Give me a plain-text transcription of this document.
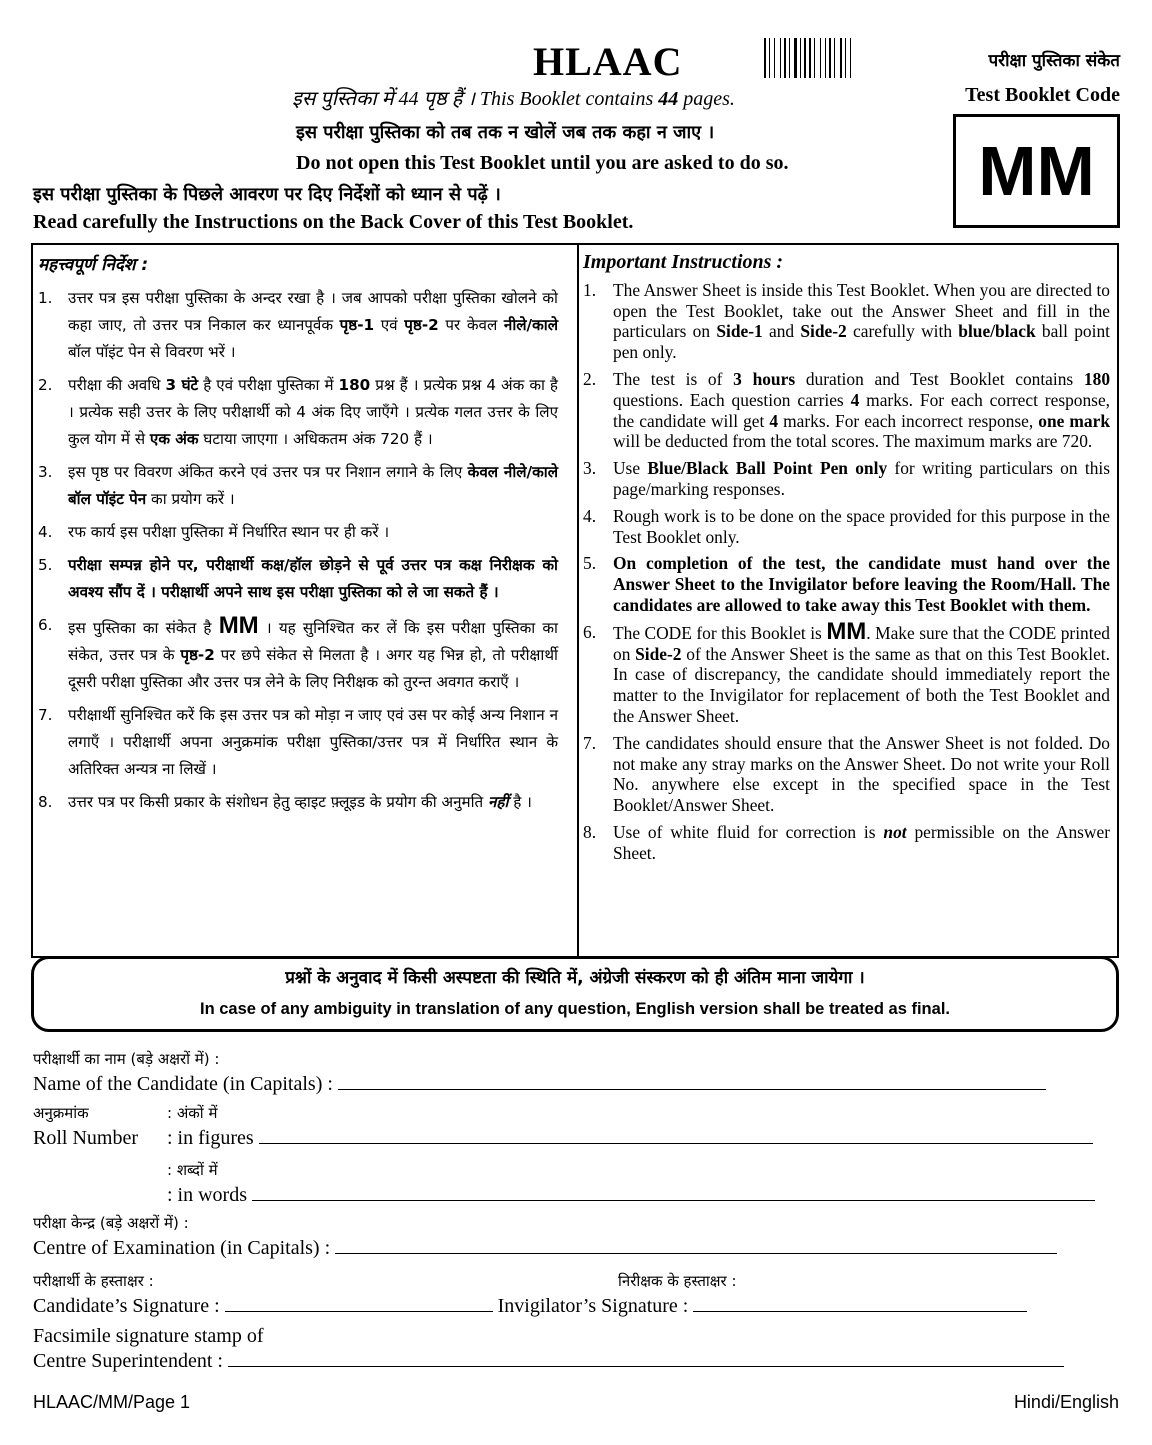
HLAAC
इस पुस्तिका में 44 पृष्ठ हैं । This Booklet contains 44 pages.
परीक्षा पुस्तिका संकेत
Test Booklet Code
MM
इस परीक्षा पुस्तिका को तब तक न खोलें जब तक कहा न जाए ।
Do not open this Test Booklet until you are asked to do so.
इस परीक्षा पुस्तिका के पिछले आवरण पर दिए निर्देशों को ध्यान से पढ़ें ।
Read carefully the Instructions on the Back Cover of this Test Booklet.
महत्त्वपूर्ण निर्देश :
1.	उत्तर पत्र इस परीक्षा पुस्तिका के अन्दर रखा है । जब आपको परीक्षा पुस्तिका खोलने को कहा जाए, तो उत्तर पत्र निकाल कर ध्यानपूर्वक पृष्ठ-1 एवं पृष्ठ-2 पर केवल नीले/काले बॉल पॉइंट पेन से विवरण भरें ।
2.	परीक्षा की अवधि 3 घंटे है एवं परीक्षा पुस्तिका में 180 प्रश्न हैं । प्रत्येक प्रश्न 4 अंक का है । प्रत्येक सही उत्तर के लिए परीक्षार्थी को 4 अंक दिए जाएँगे । प्रत्येक गलत उत्तर के लिए कुल योग में से एक अंक घटाया जाएगा । अधिकतम अंक 720 हैं ।
3.	इस पृष्ठ पर विवरण अंकित करने एवं उत्तर पत्र पर निशान लगाने के लिए केवल नीले/काले बॉल पॉइंट पेन का प्रयोग करें ।
4.	रफ कार्य इस परीक्षा पुस्तिका में निर्धारित स्थान पर ही करें ।
5.	परीक्षा सम्पन्न होने पर, परीक्षार्थी कक्ष/हॉल छोड़ने से पूर्व उत्तर पत्र कक्ष निरीक्षक को अवश्य सौंप दें । परीक्षार्थी अपने साथ इस परीक्षा पुस्तिका को ले जा सकते हैं ।
6.	इस पुस्तिका का संकेत है MM । यह सुनिश्चित कर लें कि इस परीक्षा पुस्तिका का संकेत, उत्तर पत्र के पृष्ठ-2 पर छपे संकेत से मिलता है । अगर यह भिन्न हो, तो परीक्षार्थी दूसरी परीक्षा पुस्तिका और उत्तर पत्र लेने के लिए निरीक्षक को तुरन्त अवगत कराएँ ।
7.	परीक्षार्थी सुनिश्चित करें कि इस उत्तर पत्र को मोड़ा न जाए एवं उस पर कोई अन्य निशान न लगाएँ । परीक्षार्थी अपना अनुक्रमांक परीक्षा पुस्तिका/उत्तर पत्र में निर्धारित स्थान के अतिरिक्त अन्यत्र ना लिखें ।
8.	उत्तर पत्र पर किसी प्रकार के संशोधन हेतु व्हाइट फ़्लूइड के प्रयोग की अनुमति नहीं है ।
Important Instructions :
1. The Answer Sheet is inside this Test Booklet. When you are directed to open the Test Booklet, take out the Answer Sheet and fill in the particulars on Side-1 and Side-2 carefully with blue/black ball point pen only.
2. The test is of 3 hours duration and Test Booklet contains 180 questions. Each question carries 4 marks. For each correct response, the candidate will get 4 marks. For each incorrect response, one mark will be deducted from the total scores. The maximum marks are 720.
3. Use Blue/Black Ball Point Pen only for writing particulars on this page/marking responses.
4. Rough work is to be done on the space provided for this purpose in the Test Booklet only.
5. On completion of the test, the candidate must hand over the Answer Sheet to the Invigilator before leaving the Room/Hall. The candidates are allowed to take away this Test Booklet with them.
6. The CODE for this Booklet is MM. Make sure that the CODE printed on Side-2 of the Answer Sheet is the same as that on this Test Booklet. In case of discrepancy, the candidate should immediately report the matter to the Invigilator for replacement of both the Test Booklet and the Answer Sheet.
7. The candidates should ensure that the Answer Sheet is not folded. Do not make any stray marks on the Answer Sheet. Do not write your Roll No. anywhere else except in the specified space in the Test Booklet/Answer Sheet.
8. Use of white fluid for correction is not permissible on the Answer Sheet.
प्रश्नों के अनुवाद में किसी अस्पष्टता की स्थिति में, अंग्रेजी संस्करण को ही अंतिम माना जायेगा ।
In case of any ambiguity in translation of any question, English version shall be treated as final.
परीक्षार्थी का नाम (बड़े अक्षरों में) :
Name of the Candidate (in Capitals) :
अनुक्रमांक	: अंकों में
Roll Number : in figures
: शब्दों में
: in words
परीक्षा केन्द्र (बड़े अक्षरों में) :
Centre of Examination (in Capitals) :
परीक्षार्थी के हस्ताक्षर :	निरीक्षक के हस्ताक्षर :
Candidate’s Signature :	Invigilator’s Signature :
Facsimile signature stamp of
Centre Superintendent :
HLAAC/MM/Page 1	Hindi/English
